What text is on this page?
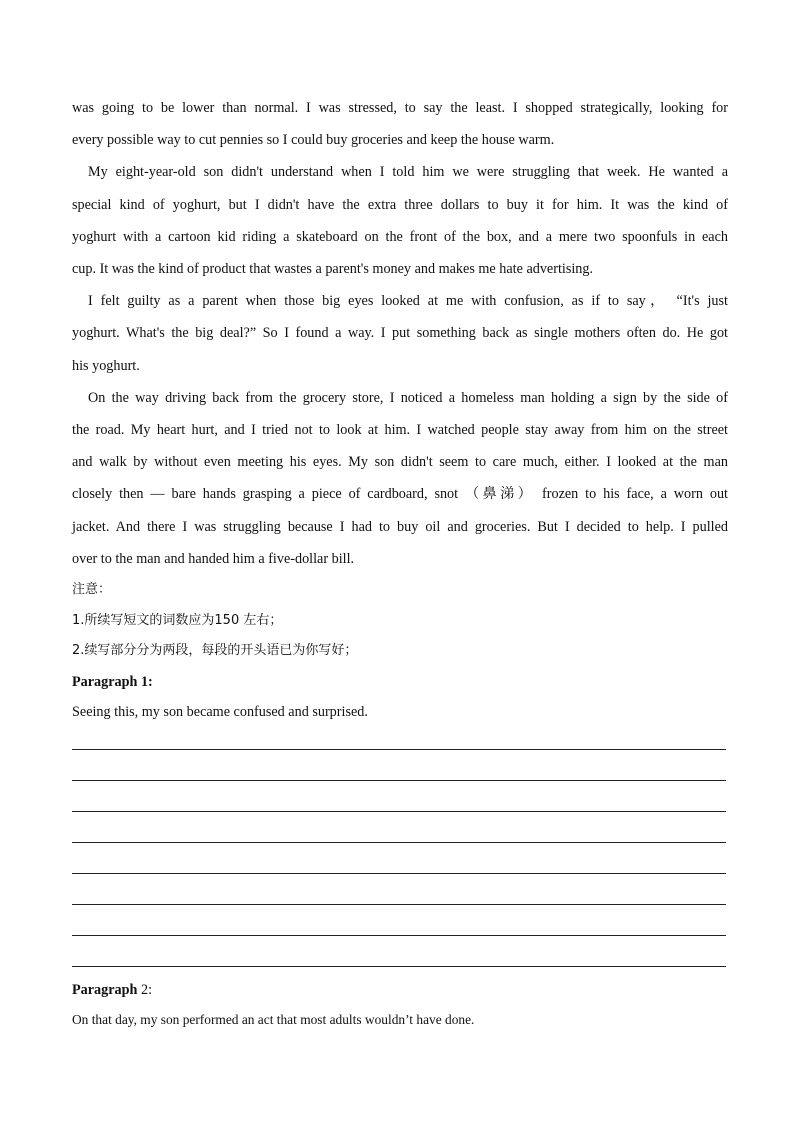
was going to be lower than normal. I was stressed, to say the least. I shopped strategically, looking for

every possible way to cut pennies so I could buy groceries and keep the house warm.

My eight-year-old son didn't understand when I told him we were struggling that week. He wanted a

special kind of yoghurt, but I didn't have the extra three dollars to buy it for him. It was the kind of

yoghurt with a cartoon kid riding a skateboard on the front of the box, and a mere two spoonfuls in each

cup. It was the kind of product that wastes a parent's money and makes me hate advertising.

I felt guilty as a parent when those big eyes looked at me with confusion, as if to say， “It's just

yoghurt. What's the big deal?” So I found a way. I put something back as single mothers often do. He got

his yoghurt.

On the way driving back from the grocery store, I noticed a homeless man holding a sign by the side of

the road. My heart hurt, and I tried not to look at him. I watched people stay away from him on the street

and walk by without even meeting his eyes. My son didn't seem to care much, either. I looked at the man

closely then — bare hands grasping a piece of cardboard, snot （鼻涕） frozen to his face, a worn out

jacket. And there I was struggling because I had to buy oil and groceries. But I decided to help. I pulled

over to the man and handed him a five-dollar bill.

注意：

1.所续写短文的词数应为150 左右；

2.续写部分分为两段，每段的开头语已为你写好；

Paragraph 1:

Seeing this, my son became confused and surprised.

Paragraph 2:

On that day, my son performed an act that most adults wouldn’t have done.
